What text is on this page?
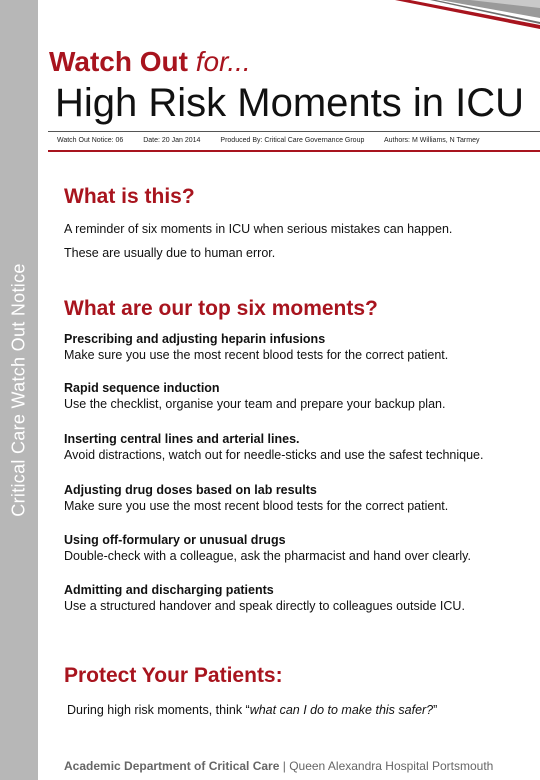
Critical Care Watch Out Notice
Watch Out for...
High Risk Moments in ICU
Watch Out Notice: 06	Date: 20 Jan 2014	Produced By: Critical Care Governance Group	Authors: M Williams, N Tarmey
What is this?
A reminder of six moments in ICU when serious mistakes can happen.
These are usually due to human error.
What are our top six moments?
Prescribing and adjusting heparin infusions
Make sure you use the most recent blood tests for the correct patient.
Rapid sequence induction
Use the checklist, organise your team and prepare your backup plan.
Inserting central lines and arterial lines.
Avoid distractions, watch out for needle-sticks and use the safest technique.
Adjusting drug doses based on lab results
Make sure you use the most recent blood tests for the correct patient.
Using off-formulary or unusual drugs
Double-check with a colleague, ask the pharmacist and hand over clearly.
Admitting and discharging patients
Use a structured handover and speak directly to colleagues outside ICU.
Protect Your Patients:
During high risk moments, think “what can I do to make this safer?”
Academic Department of Critical Care | Queen Alexandra Hospital Portsmouth
